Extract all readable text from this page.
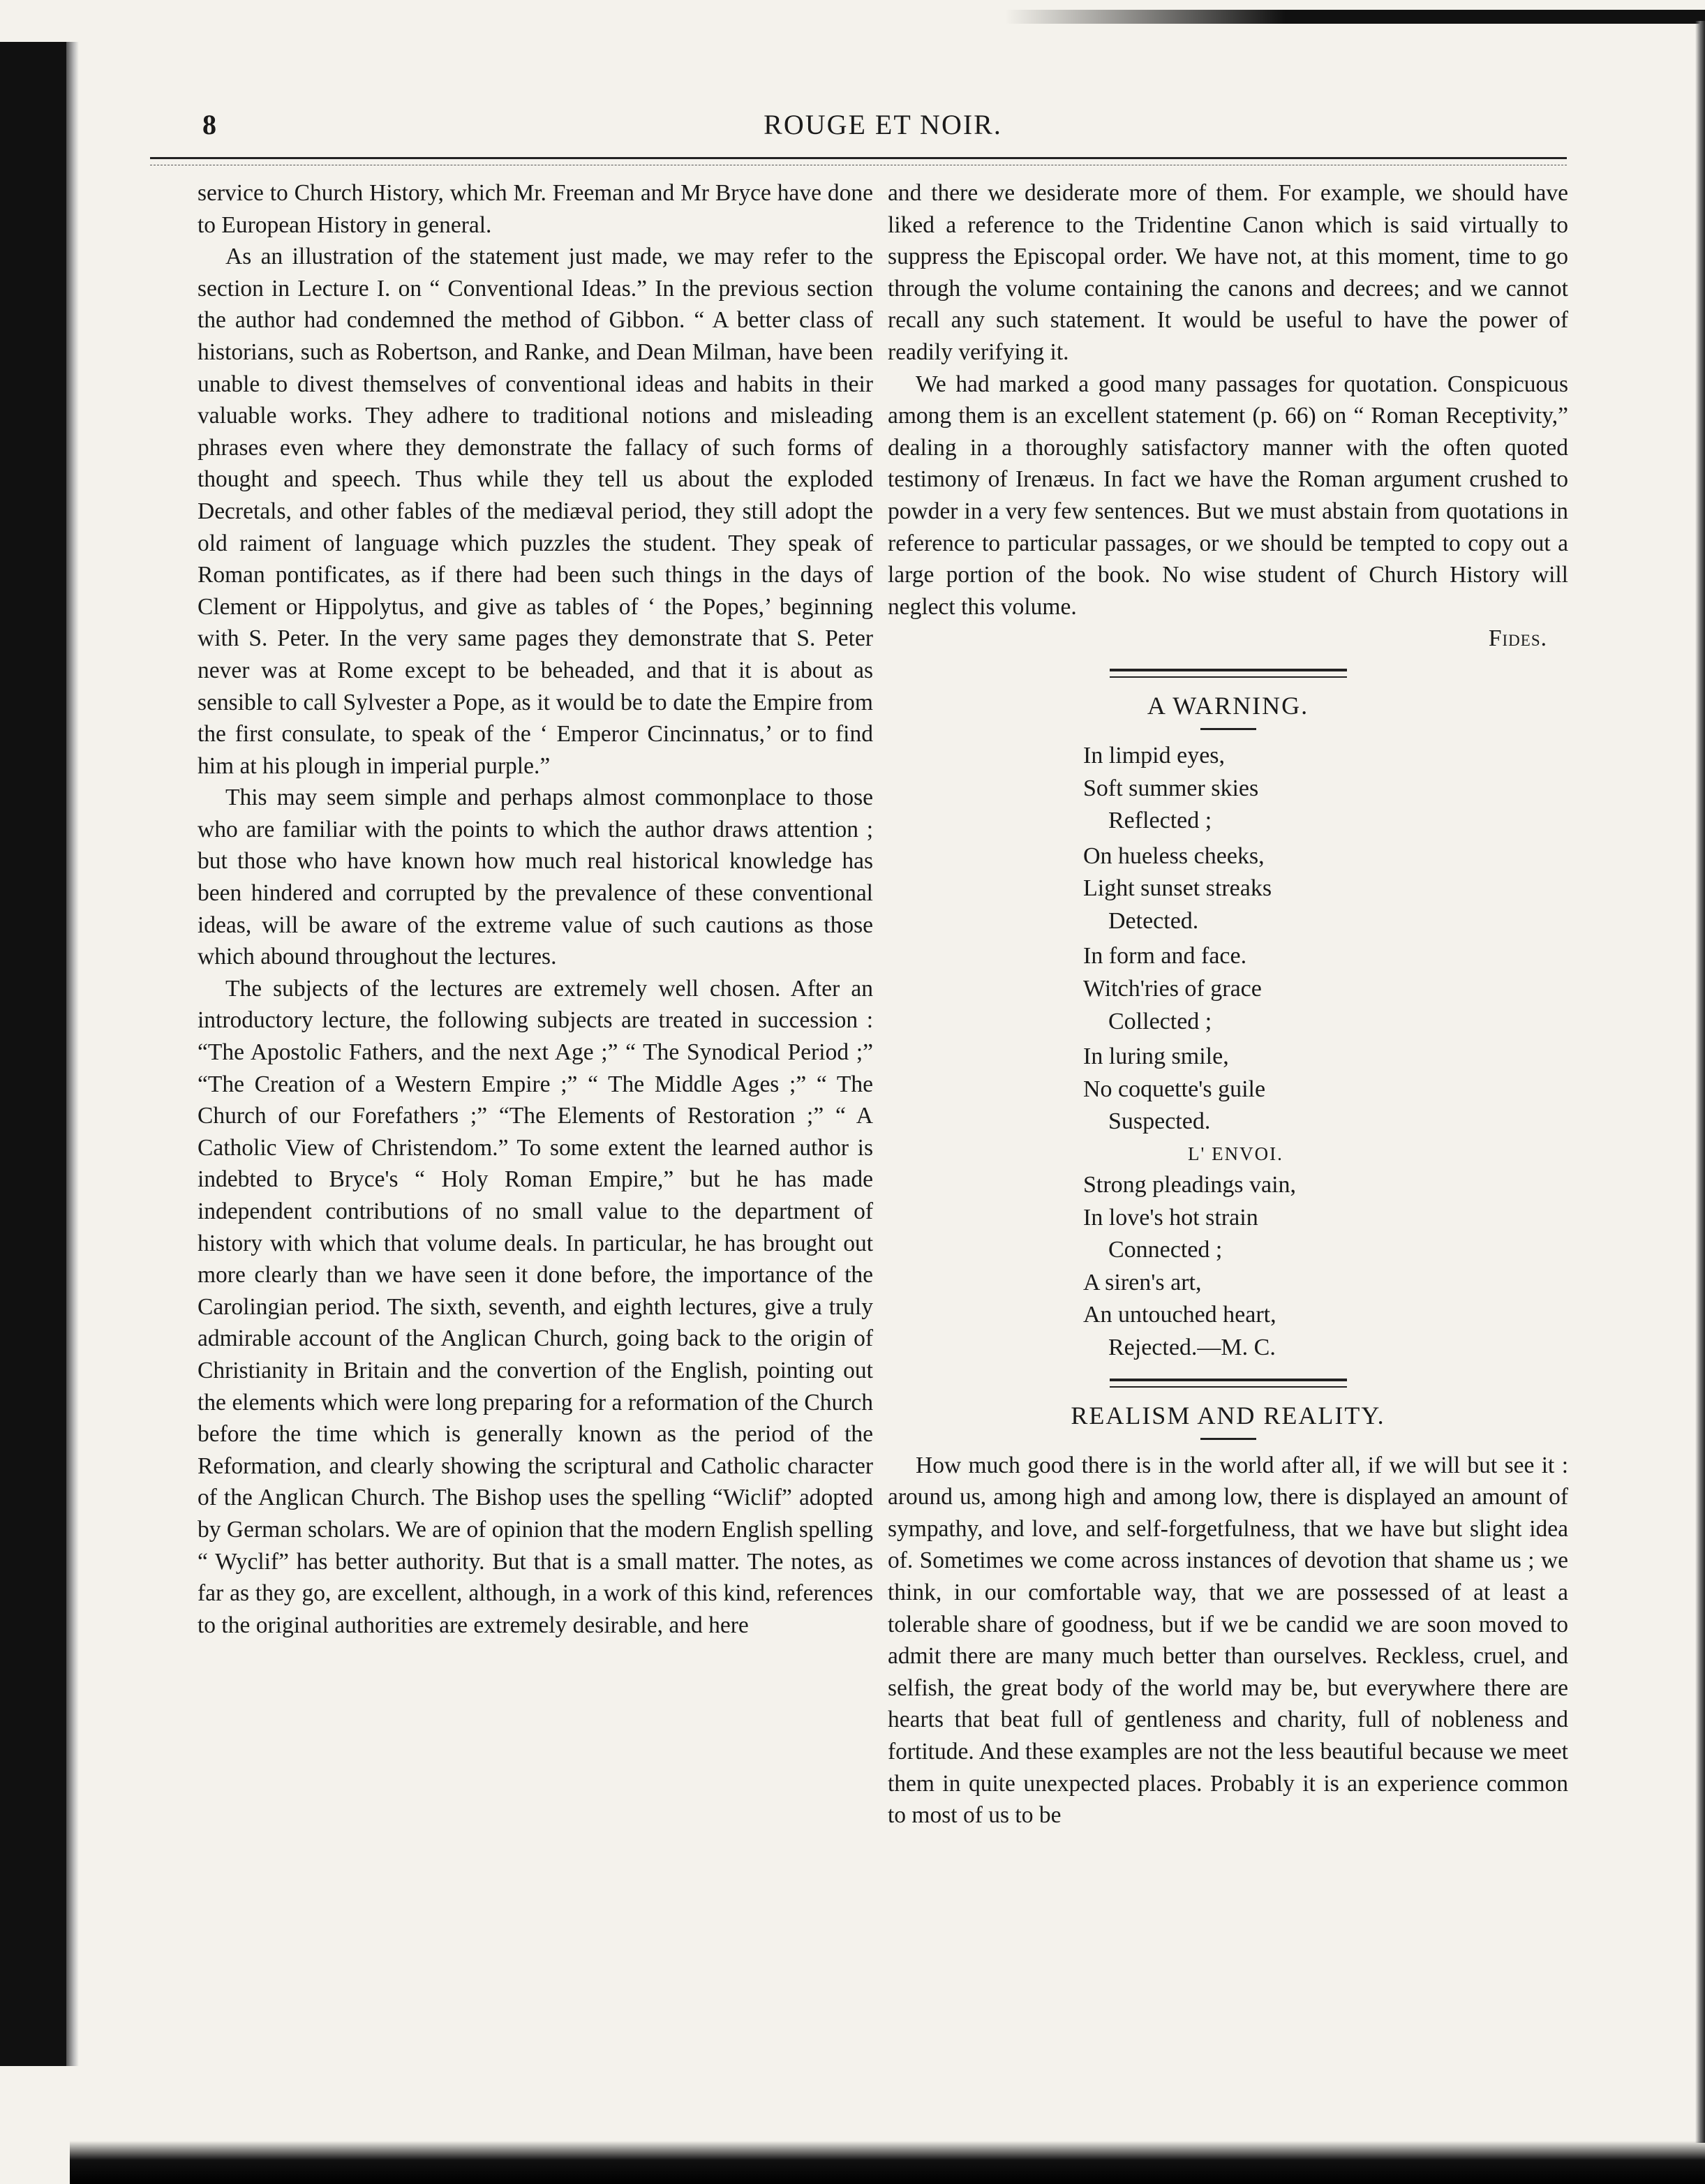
8	ROUGE ET NOIR.

service to Church History, which Mr. Freeman and Mr Bryce have done to European History in general.

As an illustration of the statement just made, we may refer to the section in Lecture I. on “ Conventional Ideas.” In the previous section the author had condemned the method of Gibbon. “ A better class of historians, such as Robertson, and Ranke, and Dean Milman, have been unable to divest themselves of conventional ideas and habits in their valuable works. They adhere to traditional notions and misleading phrases even where they demonstrate the fallacy of such forms of thought and speech. Thus while they tell us about the exploded Decretals, and other fables of the mediæval period, they still adopt the old raiment of language which puzzles the student. They speak of Roman pontificates, as if there had been such things in the days of Clement or Hippolytus, and give as tables of ‘ the Popes,’ beginning with S. Peter. In the very same pages they demonstrate that S. Peter never was at Rome except to be beheaded, and that it is about as sensible to call Sylvester a Pope, as it would be to date the Empire from the first consulate, to speak of the ‘ Emperor Cincinnatus,’ or to find him at his plough in imperial purple.”

This may seem simple and perhaps almost commonplace to those who are familiar with the points to which the author draws attention ; but those who have known how much real historical knowledge has been hindered and corrupted by the prevalence of these conventional ideas, will be aware of the extreme value of such cautions as those which abound throughout the lectures.

The subjects of the lectures are extremely well chosen. After an introductory lecture, the following subjects are treated in succession : “The Apostolic Fathers, and the next Age ;” “ The Synodical Period ;” “The Creation of a Western Empire ;” “ The Middle Ages ;” “ The Church of our Forefathers ;” “The Elements of Restoration ;” “ A Catholic View of Christendom.” To some extent the learned author is indebted to Bryce's “ Holy Roman Empire,” but he has made independent contributions of no small value to the department of history with which that volume deals. In particular, he has brought out more clearly than we have seen it done before, the importance of the Carolingian period. The sixth, seventh, and eighth lectures, give a truly admirable account of the Anglican Church, going back to the origin of Christianity in Britain and the convertion of the English, pointing out the elements which were long preparing for a reformation of the Church before the time which is generally known as the period of the Reformation, and clearly showing the scriptural and Catholic character of the Anglican Church. The Bishop uses the spelling “Wiclif” adopted by German scholars. We are of opinion that the modern English spelling “ Wyclif” has better authority. But that is a small matter. The notes, as far as they go, are excellent, although, in a work of this kind, references to the original authorities are extremely desirable, and here

and there we desiderate more of them. For example, we should have liked a reference to the Tridentine Canon which is said virtually to suppress the Episcopal order. We have not, at this moment, time to go through the volume containing the canons and decrees; and we cannot recall any such statement. It would be useful to have the power of readily verifying it.

We had marked a good many passages for quotation. Conspicuous among them is an excellent statement (p. 66) on “ Roman Receptivity,” dealing in a thoroughly satisfactory manner with the often quoted testimony of Irenæus. In fact we have the Roman argument crushed to powder in a very few sentences. But we must abstain from quotations in reference to particular passages, or we should be tempted to copy out a large portion of the book. No wise student of Church History will neglect this volume.

Fides.

A WARNING.
In limpid eyes,
Soft summer skies
Reflected ;
On hueless cheeks,
Light sunset streaks
Detected.
In form and face.
Witch'ries of grace
Collected ;
In luring smile,
No coquette's guile
Suspected.
L' ENVOI.
Strong pleadings vain,
In love's hot strain
Connected ;
A siren's art,
An untouched heart,
Rejected.—M. C.
REALISM AND REALITY.

How much good there is in the world after all, if we will but see it : around us, among high and among low, there is displayed an amount of sympathy, and love, and self-forgetfulness, that we have but slight idea of. Sometimes we come across instances of devotion that shame us ; we think, in our comfortable way, that we are possessed of at least a tolerable share of goodness, but if we be candid we are soon moved to admit there are many much better than ourselves. Reckless, cruel, and selfish, the great body of the world may be, but everywhere there are hearts that beat full of gentleness and charity, full of nobleness and fortitude. And these examples are not the less beautiful because we meet them in quite unexpected places. Probably it is an experience common to most of us to be
